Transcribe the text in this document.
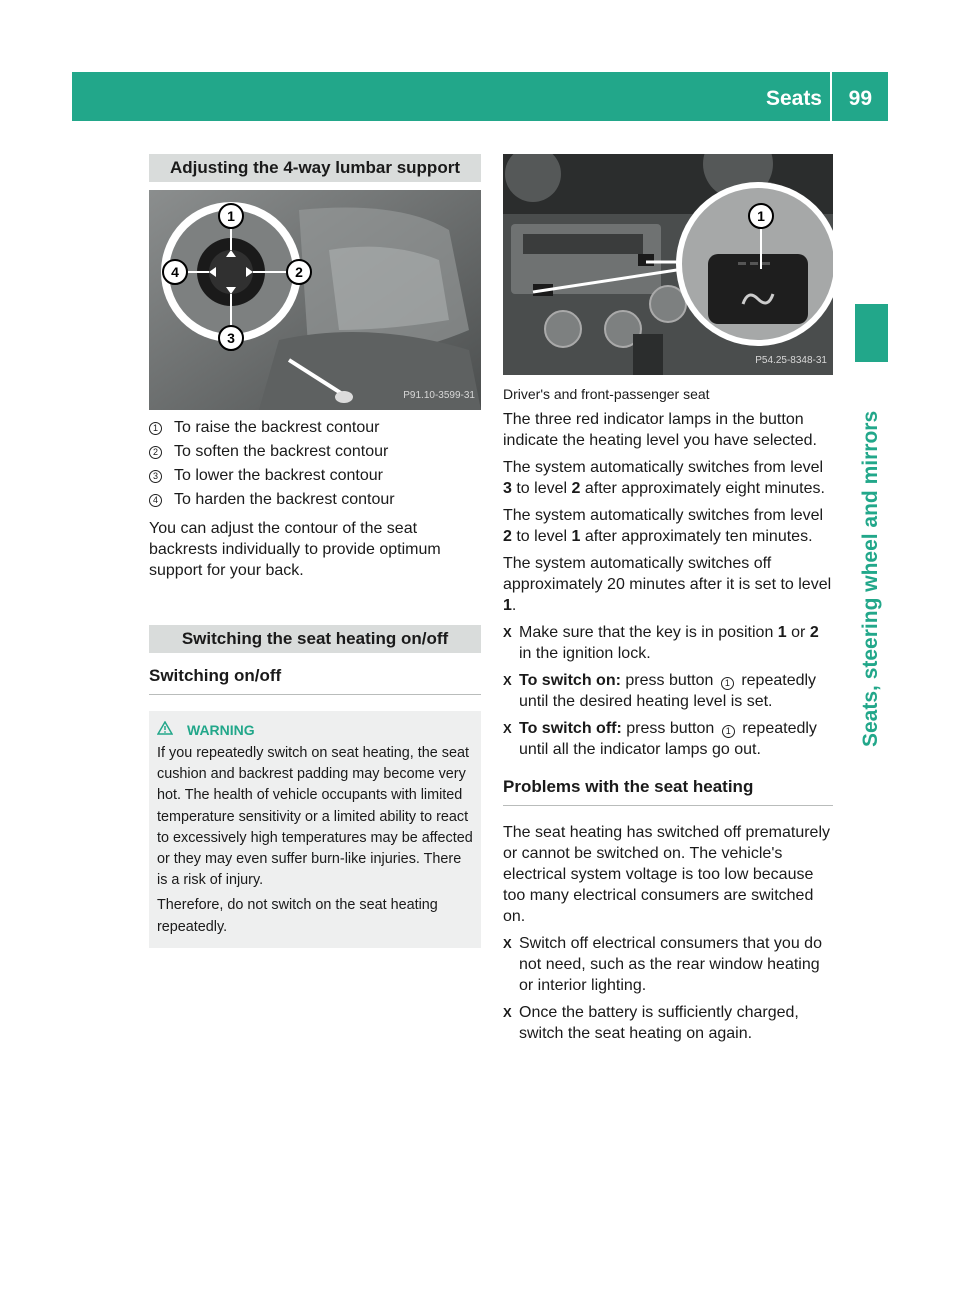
Seats 99
Seats, steering wheel and mirrors
Adjusting the 4-way lumbar support
1
2
3
4
P91.10-3599-31
1 To raise the backrest contour
2 To soften the backrest contour
3 To lower the backrest contour
4 To harden the backrest contour

You can adjust the contour of the seat backrests individually to provide optimum support for your back.

Switching the seat heating on/off
Switching on/off
WARNING

If you repeatedly switch on seat heating, the seat cushion and backrest padding may become very hot. The health of vehicle occupants with limited temperature sensitivity or a limited ability to react to excessively high temperatures may be affected or they may even suffer burn-like injuries. There is a risk of injury.

Therefore, do not switch on the seat heating repeatedly.

1
P54.25-8348-31
Driver's and front-passenger seat

The three red indicator lamps in the button indicate the heating level you have selected.

The system automatically switches from level 3 to level 2 after approximately eight minutes.

The system automatically switches from level 2 to level 1 after approximately ten minutes.

The system automatically switches off approximately 20 minutes after it is set to level 1.

X Make sure that the key is in position 1 or 2 in the ignition lock.
X To switch on: press button 1 repeatedly until the desired heating level is set.
X To switch off: press button 1 repeatedly until all the indicator lamps go out.
Problems with the seat heating

The seat heating has switched off prematurely or cannot be switched on. The vehicle's electrical system voltage is too low because too many electrical consumers are switched on.

X Switch off electrical consumers that you do not need, such as the rear window heating or interior lighting.
X Once the battery is sufficiently charged, switch the seat heating on again.
